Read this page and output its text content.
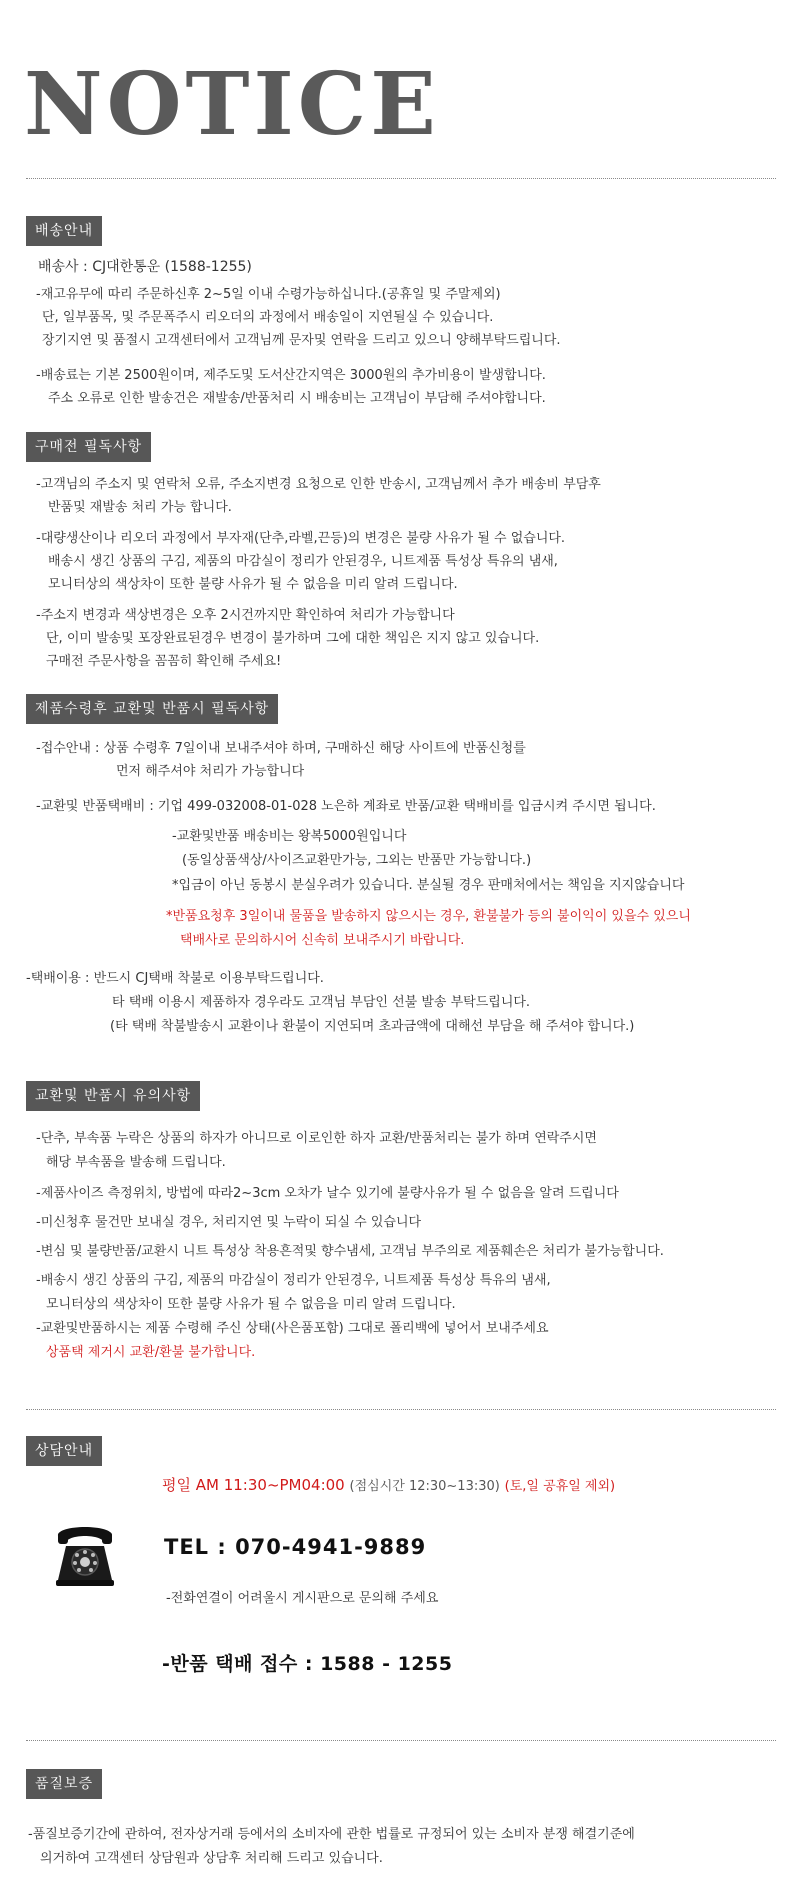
NOTICE
배송안내
배송사 : CJ대한통운 (1588-1255)
-재고유무에 따리 주문하신후 2~5일 이내 수령가능하십니다.(공휴일 및 주말제외)
단, 일부품목, 및 주문폭주시 리오더의 과정에서 배송일이 지연될실 수 있습니다.
장기지연 및 품절시 고객센터에서 고객님께 문자및 연락을 드리고 있으니 양해부탁드립니다.
-배송료는 기본 2500원이며, 제주도및 도서산간지역은 3000원의 추가비용이 발생합니다.
주소 오류로 인한 발송건은 재발송/반품처리 시 배송비는 고객님이 부담해 주셔야합니다.
구매전 필독사항
-고객님의 주소지 및 연락처 오류, 주소지변경 요청으로 인한 반송시, 고객님께서 추가 배송비 부담후
반품및 재발송 처리 가능 합니다.
-대량생산이나 리오더 과정에서 부자재(단추,라벨,끈등)의 변경은 불량 사유가 될 수 없습니다.
배송시 생긴 상품의 구김, 제품의 마감실이 정리가 안된경우, 니트제품 특성상 특유의 냄새,
모니터상의 색상차이 또한 불량 사유가 될 수 없음을 미리 알려 드립니다.
-주소지 변경과 색상변경은 오후 2시건까지만 확인하여 처리가 가능합니다
단, 이미 발송및 포장완료된경우 변경이 불가하며 그에 대한 책임은 지지 않고 있습니다.
구매전 주문사항을 꼼꼼히 확인해 주세요!
제품수령후 교환및 반품시 필독사항
-접수안내 : 상품 수령후 7일이내 보내주셔야 하며, 구매하신 해당 사이트에 반품신청를
먼저 해주셔야 처리가 가능합니다
-교환및 반품택배비 : 기업 499-032008-01-028 노은하 계좌로 반품/교환 택배비를 입금시켜 주시면 됩니다.
-교환및반품 배송비는 왕복5000원입니다
(동일상품색상/사이즈교환만가능, 그외는 반품만 가능합니다.)
*입금이 아닌 동봉시 분실우려가 있습니다. 분실될 경우 판매처에서는 책임을 지지않습니다
*반품요청후 3일이내 물품을 발송하지 않으시는 경우, 환불불가 등의 불이익이 있을수 있으니
택배사로 문의하시어 신속히 보내주시기 바랍니다.
-택배이용 : 반드시 CJ택배 착불로 이용부탁드립니다.
타 택배 이용시 제품하자 경우라도 고객님 부담인 선불 발송 부탁드립니다.
(타 택배 착불발송시 교환이나 환불이 지연되며 초과금액에 대해선 부담을 해 주셔야 합니다.)
교환및 반품시 유의사항
-단추, 부속품 누락은 상품의 하자가 아니므로 이로인한 하자 교환/반품처리는 불가 하며 연락주시면
해당 부속품을 발송해 드립니다.
-제품사이즈 측정위치, 방법에 따라2~3cm 오차가 날수 있기에 불량사유가 될 수 없음을 알려 드립니다
-미신청후 물건만 보내실 경우, 처리지연 및 누락이 되실 수 있습니다
-변심 및 불량반품/교환시 니트 특성상 착용흔적및 향수냄세, 고객님 부주의로 제품훼손은 처리가 불가능합니다.
-배송시 생긴 상품의 구김, 제품의 마감실이 정리가 안된경우, 니트제품 특성상 특유의 냄새,
모니터상의 색상차이 또한 불량 사유가 될 수 없음을 미리 알려 드립니다.
-교환및반품하시는 제품 수령해 주신 상태(사은품포함) 그대로 폴리백에 넣어서 보내주세요
상품택 제거시 교환/환불 불가합니다.
상담안내
평일 AM 11:30~PM04:00 (점심시간 12:30~13:30) (토,일 공휴일 제외)
TEL : 070-4941-9889
-전화연결이 어려울시 게시판으로 문의해 주세요
-반품 택배 접수 : 1588 - 1255
품질보증
-품질보증기간에 관하여, 전자상거래 등에서의 소비자에 관한 법률로 규정되어 있는 소비자 분쟁 해결기준에
의거하여 고객센터 상담원과 상담후 처리해 드리고 있습니다.
